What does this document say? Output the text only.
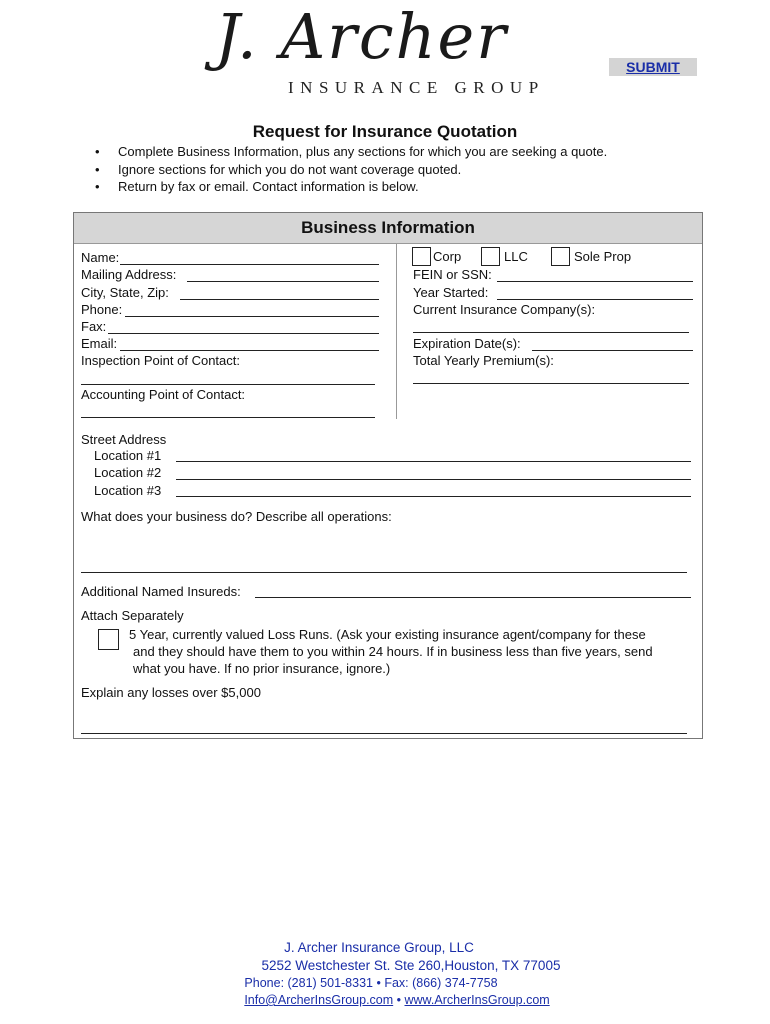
J. Archer
INSURANCE GROUP
SUBMIT
Request for Insurance Quotation
• Complete Business Information, plus any sections for which you are seeking a quote.
• Ignore sections for which you do not want coverage quoted.
• Return by fax or email. Contact information is below.
Business Information
Name:
Mailing Address:
City, State, Zip:
Phone:
Fax:
Email:
Inspection Point of Contact:
Accounting Point of Contact:
Corp	LLC	Sole Prop
FEIN or SSN:
Year Started:
Current Insurance Company(s):
Expiration Date(s):
Total Yearly Premium(s):
Street Address
Location #1
Location #2
Location #3
What does your business do? Describe all operations:
Additional Named Insureds:
Attach Separately
5 Year, currently valued Loss Runs. (Ask your existing insurance agent/company for these
and they should have them to you within 24 hours. If in business less than five years, send
what you have. If no prior insurance, ignore.)
Explain any losses over $5,000
J. Archer Insurance Group, LLC
5252 Westchester St. Ste 260,Houston, TX 77005
Phone: (281) 501-8331 • Fax: (866) 374-7758
Info@ArcherInsGroup.com • www.ArcherInsGroup.com
